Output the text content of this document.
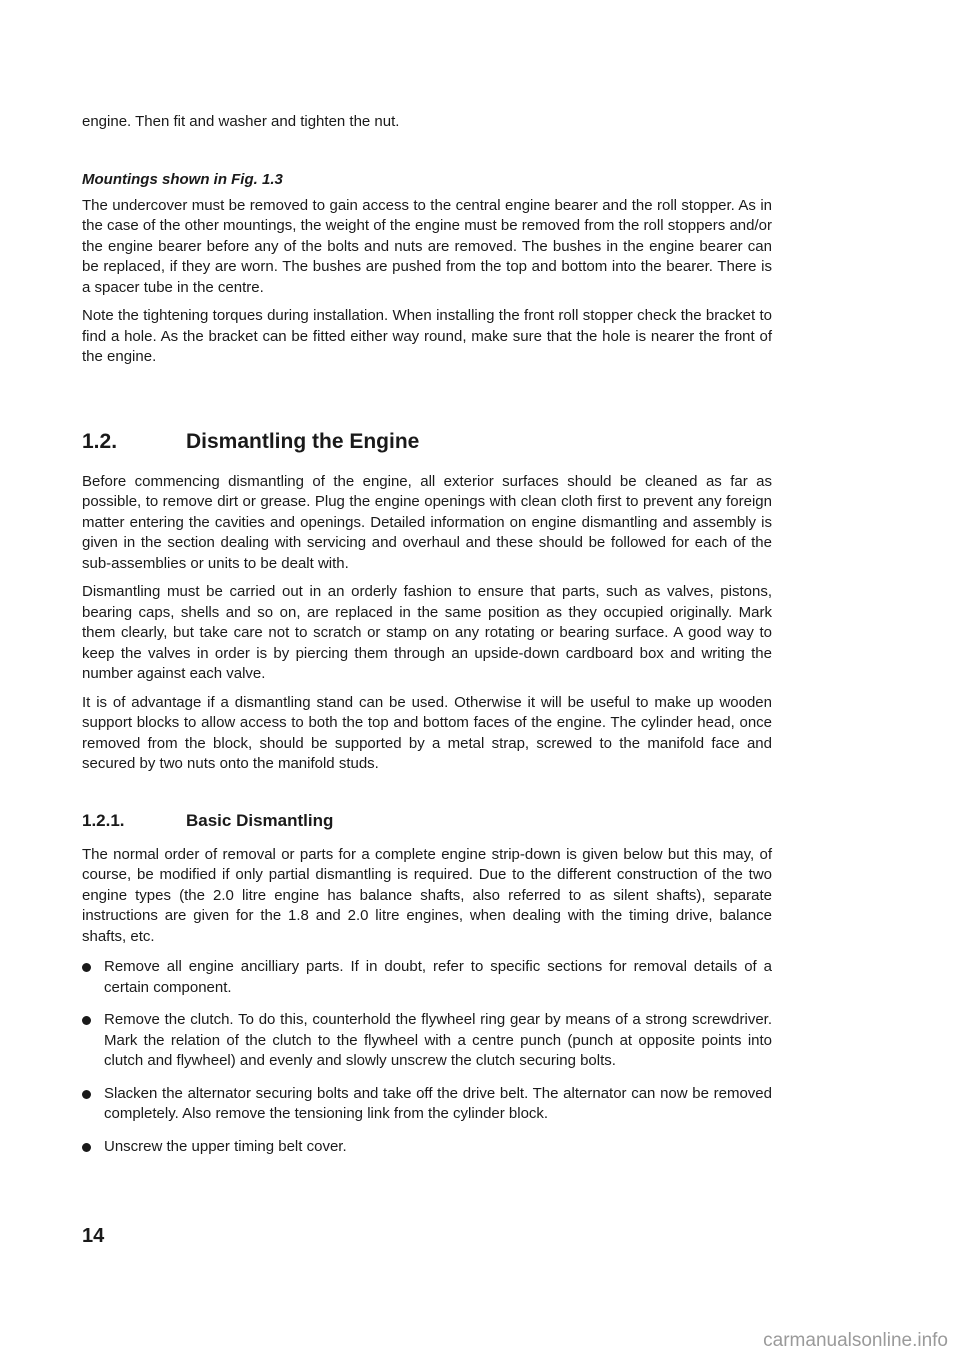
engine. Then fit and washer and tighten the nut.

Mountings shown in Fig. 1.3

The undercover must be removed to gain access to the central engine bearer and the roll stopper. As in the case of the other mountings, the weight of the engine must be removed from the roll stoppers and/or the engine bearer before any of the bolts and nuts are removed. The bushes in the engine bearer can be replaced, if they are worn. The bushes are pushed from the top and bottom into the bearer. There is a spacer tube in the centre.

Note the tightening torques during installation. When installing the front roll stopper check the bracket to find a hole. As the bracket can be fitted either way round, make sure that the hole is nearer the front of the engine.

1.2.	Dismantling the Engine

Before commencing dismantling of the engine, all exterior surfaces should be cleaned as far as possible, to remove dirt or grease. Plug the engine openings with clean cloth first to prevent any foreign matter entering the cavities and openings. Detailed information on engine dismantling and assembly is given in the section dealing with servicing and overhaul and these should be followed for each of the sub-assemblies or units to be dealt with.

Dismantling must be carried out in an orderly fashion to ensure that parts, such as valves, pistons, bearing caps, shells and so on, are replaced in the same position as they occupied originally. Mark them clearly, but take care not to scratch or stamp on any rotating or bearing surface. A good way to keep the valves in order is by piercing them through an upside-down cardboard box and writing the number against each valve.

It is of advantage if a dismantling stand can be used. Otherwise it will be useful to make up wooden support blocks to allow access to both the top and bottom faces of the engine. The cylinder head, once removed from the block, should be supported by a metal strap, screwed to the manifold face and secured by two nuts onto the manifold studs.

1.2.1.	Basic Dismantling

The normal order of removal or parts for a complete engine strip-down is given below but this may, of course, be modified if only partial dismantling is required. Due to the different construction of the two engine types (the 2.0 litre engine has balance shafts, also referred to as silent shafts), separate instructions are given for the 1.8 and 2.0 litre engines, when dealing with the timing drive, balance shafts, etc.

Remove all engine ancilliary parts. If in doubt, refer to specific sections for removal details of a certain component.
Remove the clutch. To do this, counterhold the flywheel ring gear by means of a strong screwdriver. Mark the relation of the clutch to the flywheel with a centre punch (punch at opposite points into clutch and flywheel) and evenly and slowly unscrew the clutch securing bolts.
Slacken the alternator securing bolts and take off the drive belt. The alternator can now be removed completely. Also remove the tensioning link from the cylinder block.
Unscrew the upper timing belt cover.
14
carmanualsonline.info
